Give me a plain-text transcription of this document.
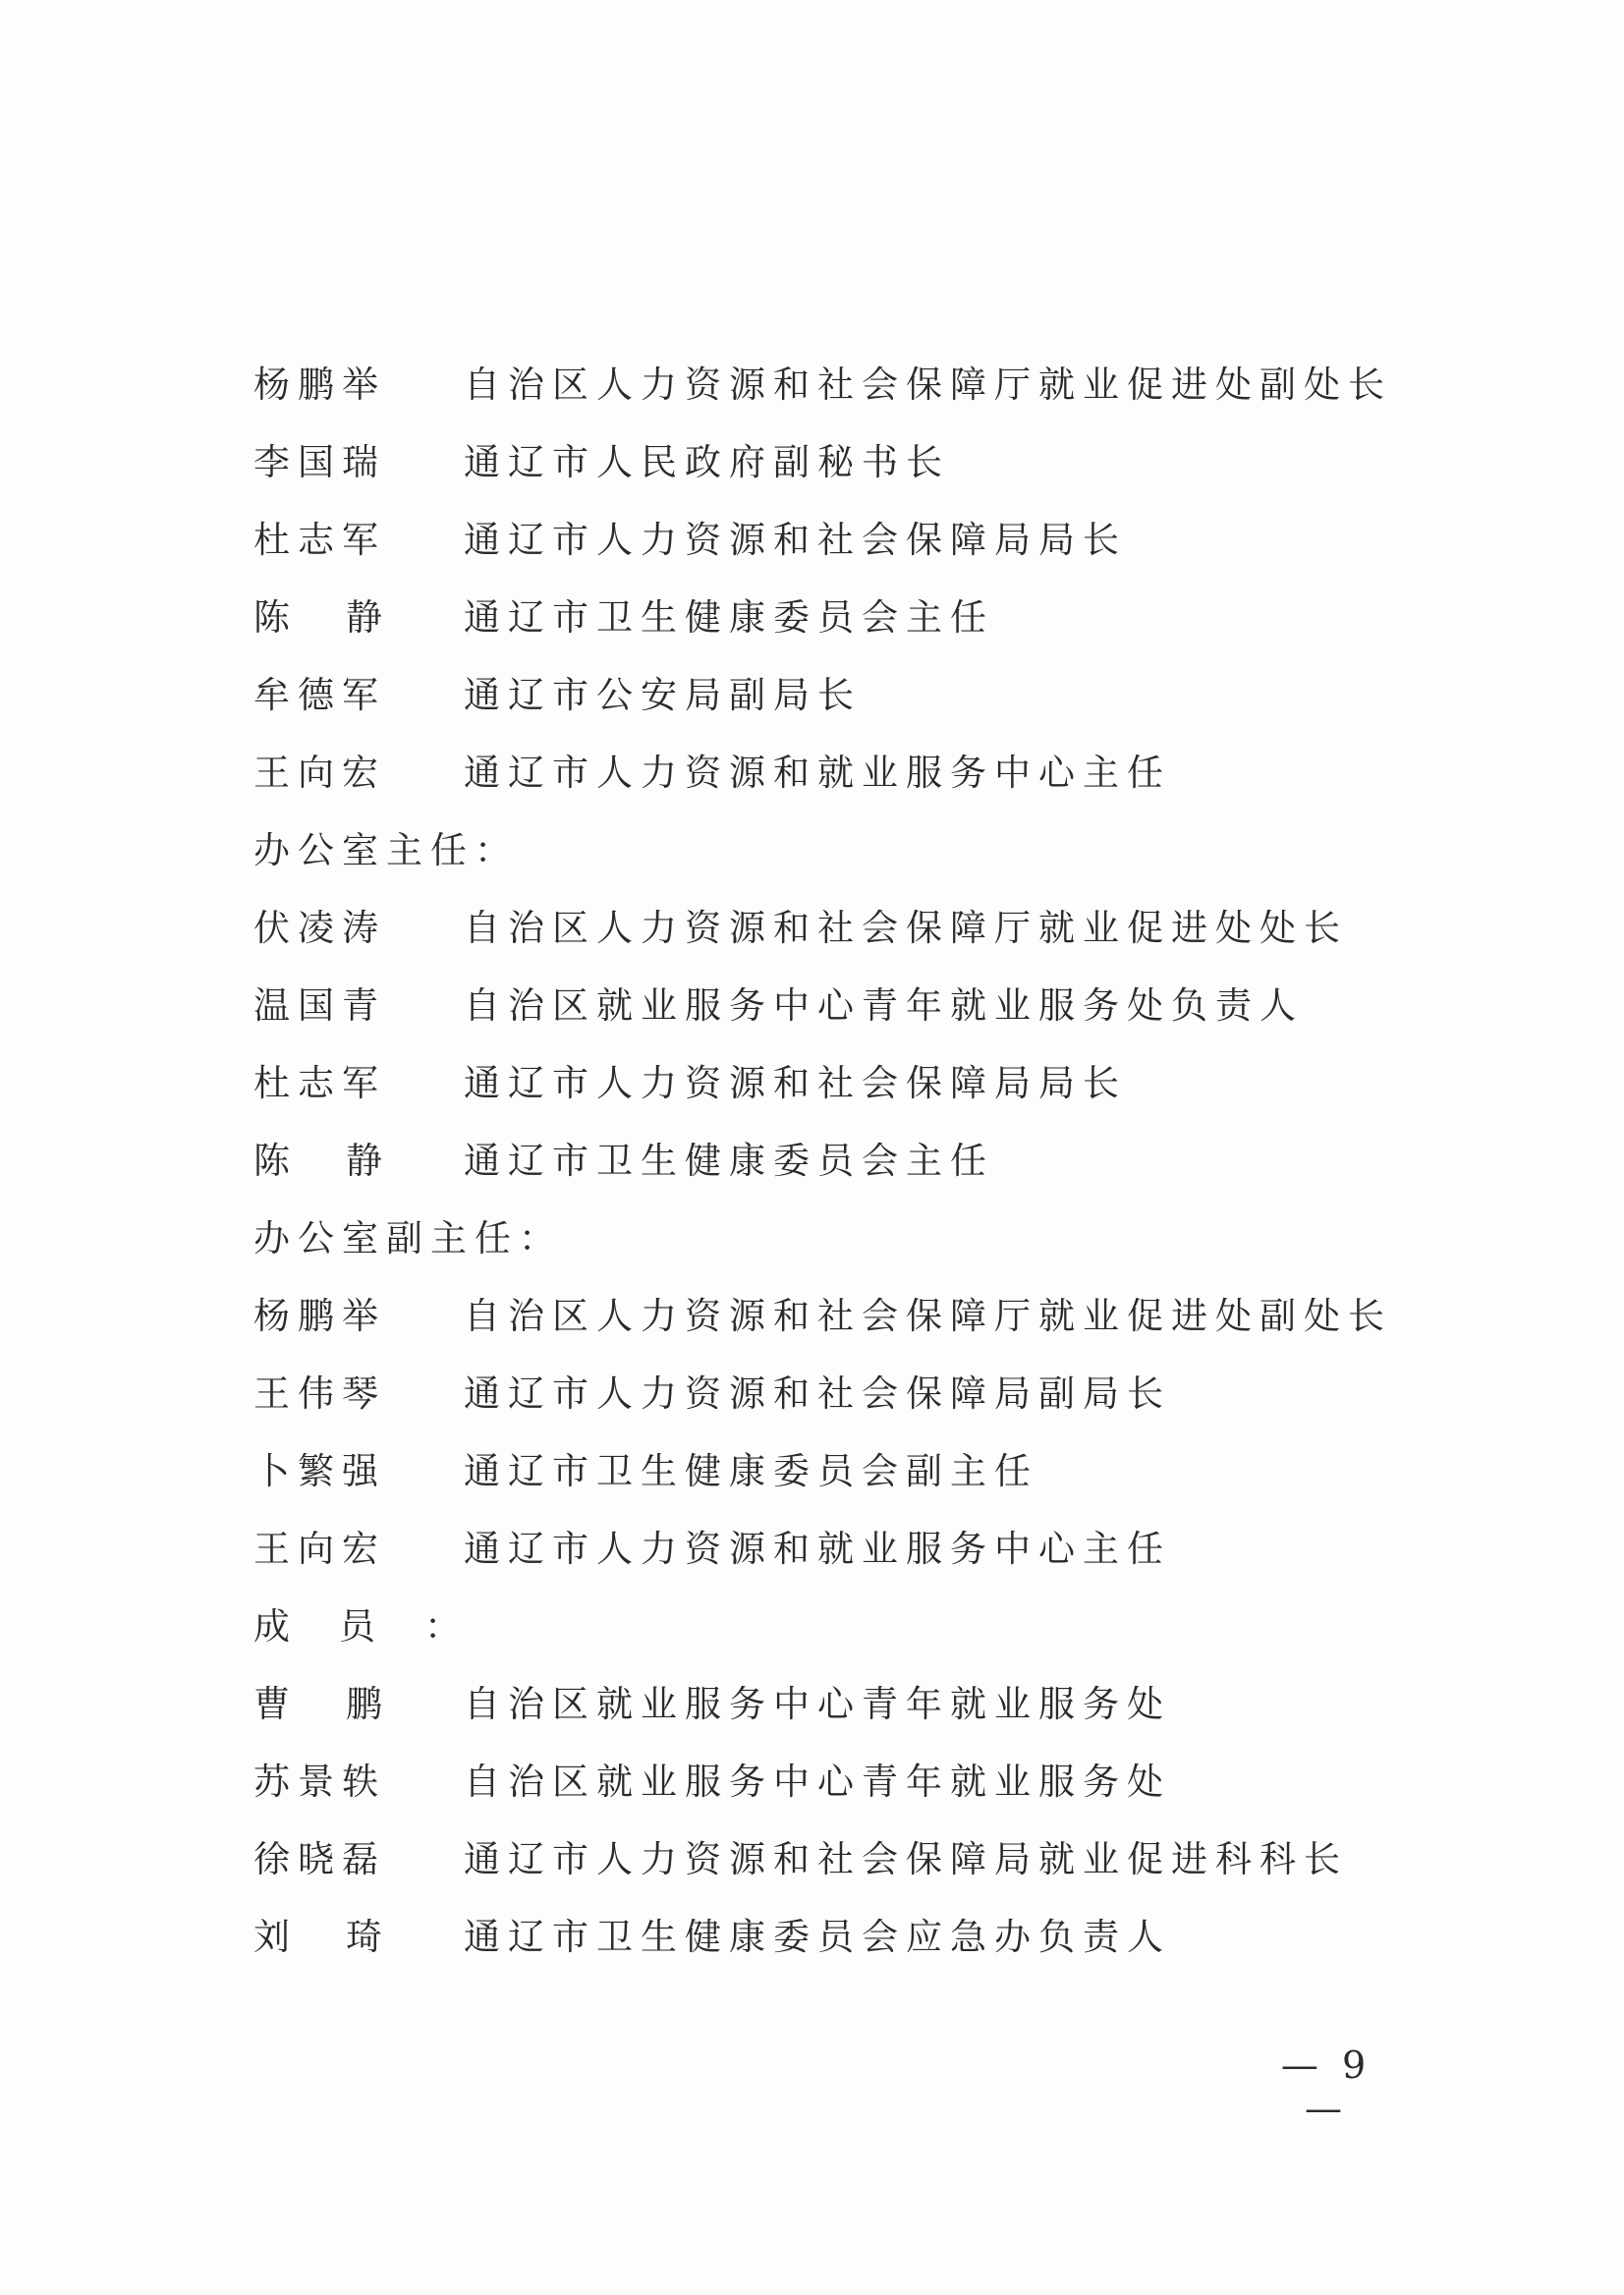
杨鹏举 自治区人力资源和社会保障厅就业促进处副处长
李国瑞 通辽市人民政府副秘书长
杜志军 通辽市人力资源和社会保障局局长
陈静 通辽市卫生健康委员会主任
牟德军 通辽市公安局副局长
王向宏 通辽市人力资源和就业服务中心主任
办公室主任：
伏凌涛 自治区人力资源和社会保障厅就业促进处处长
温国青 自治区就业服务中心青年就业服务处负责人
杜志军 通辽市人力资源和社会保障局局长
陈静 通辽市卫生健康委员会主任
办公室副主任：
杨鹏举 自治区人力资源和社会保障厅就业促进处副处长
王伟琴 通辽市人力资源和社会保障局副局长
卜繁强 通辽市卫生健康委员会副主任
王向宏 通辽市人力资源和就业服务中心主任
成员：
曹鹏 自治区就业服务中心青年就业服务处
苏景轶 自治区就业服务中心青年就业服务处
徐晓磊 通辽市人力资源和社会保障局就业促进科科长
刘琦 通辽市卫生健康委员会应急办负责人
— 9 —
